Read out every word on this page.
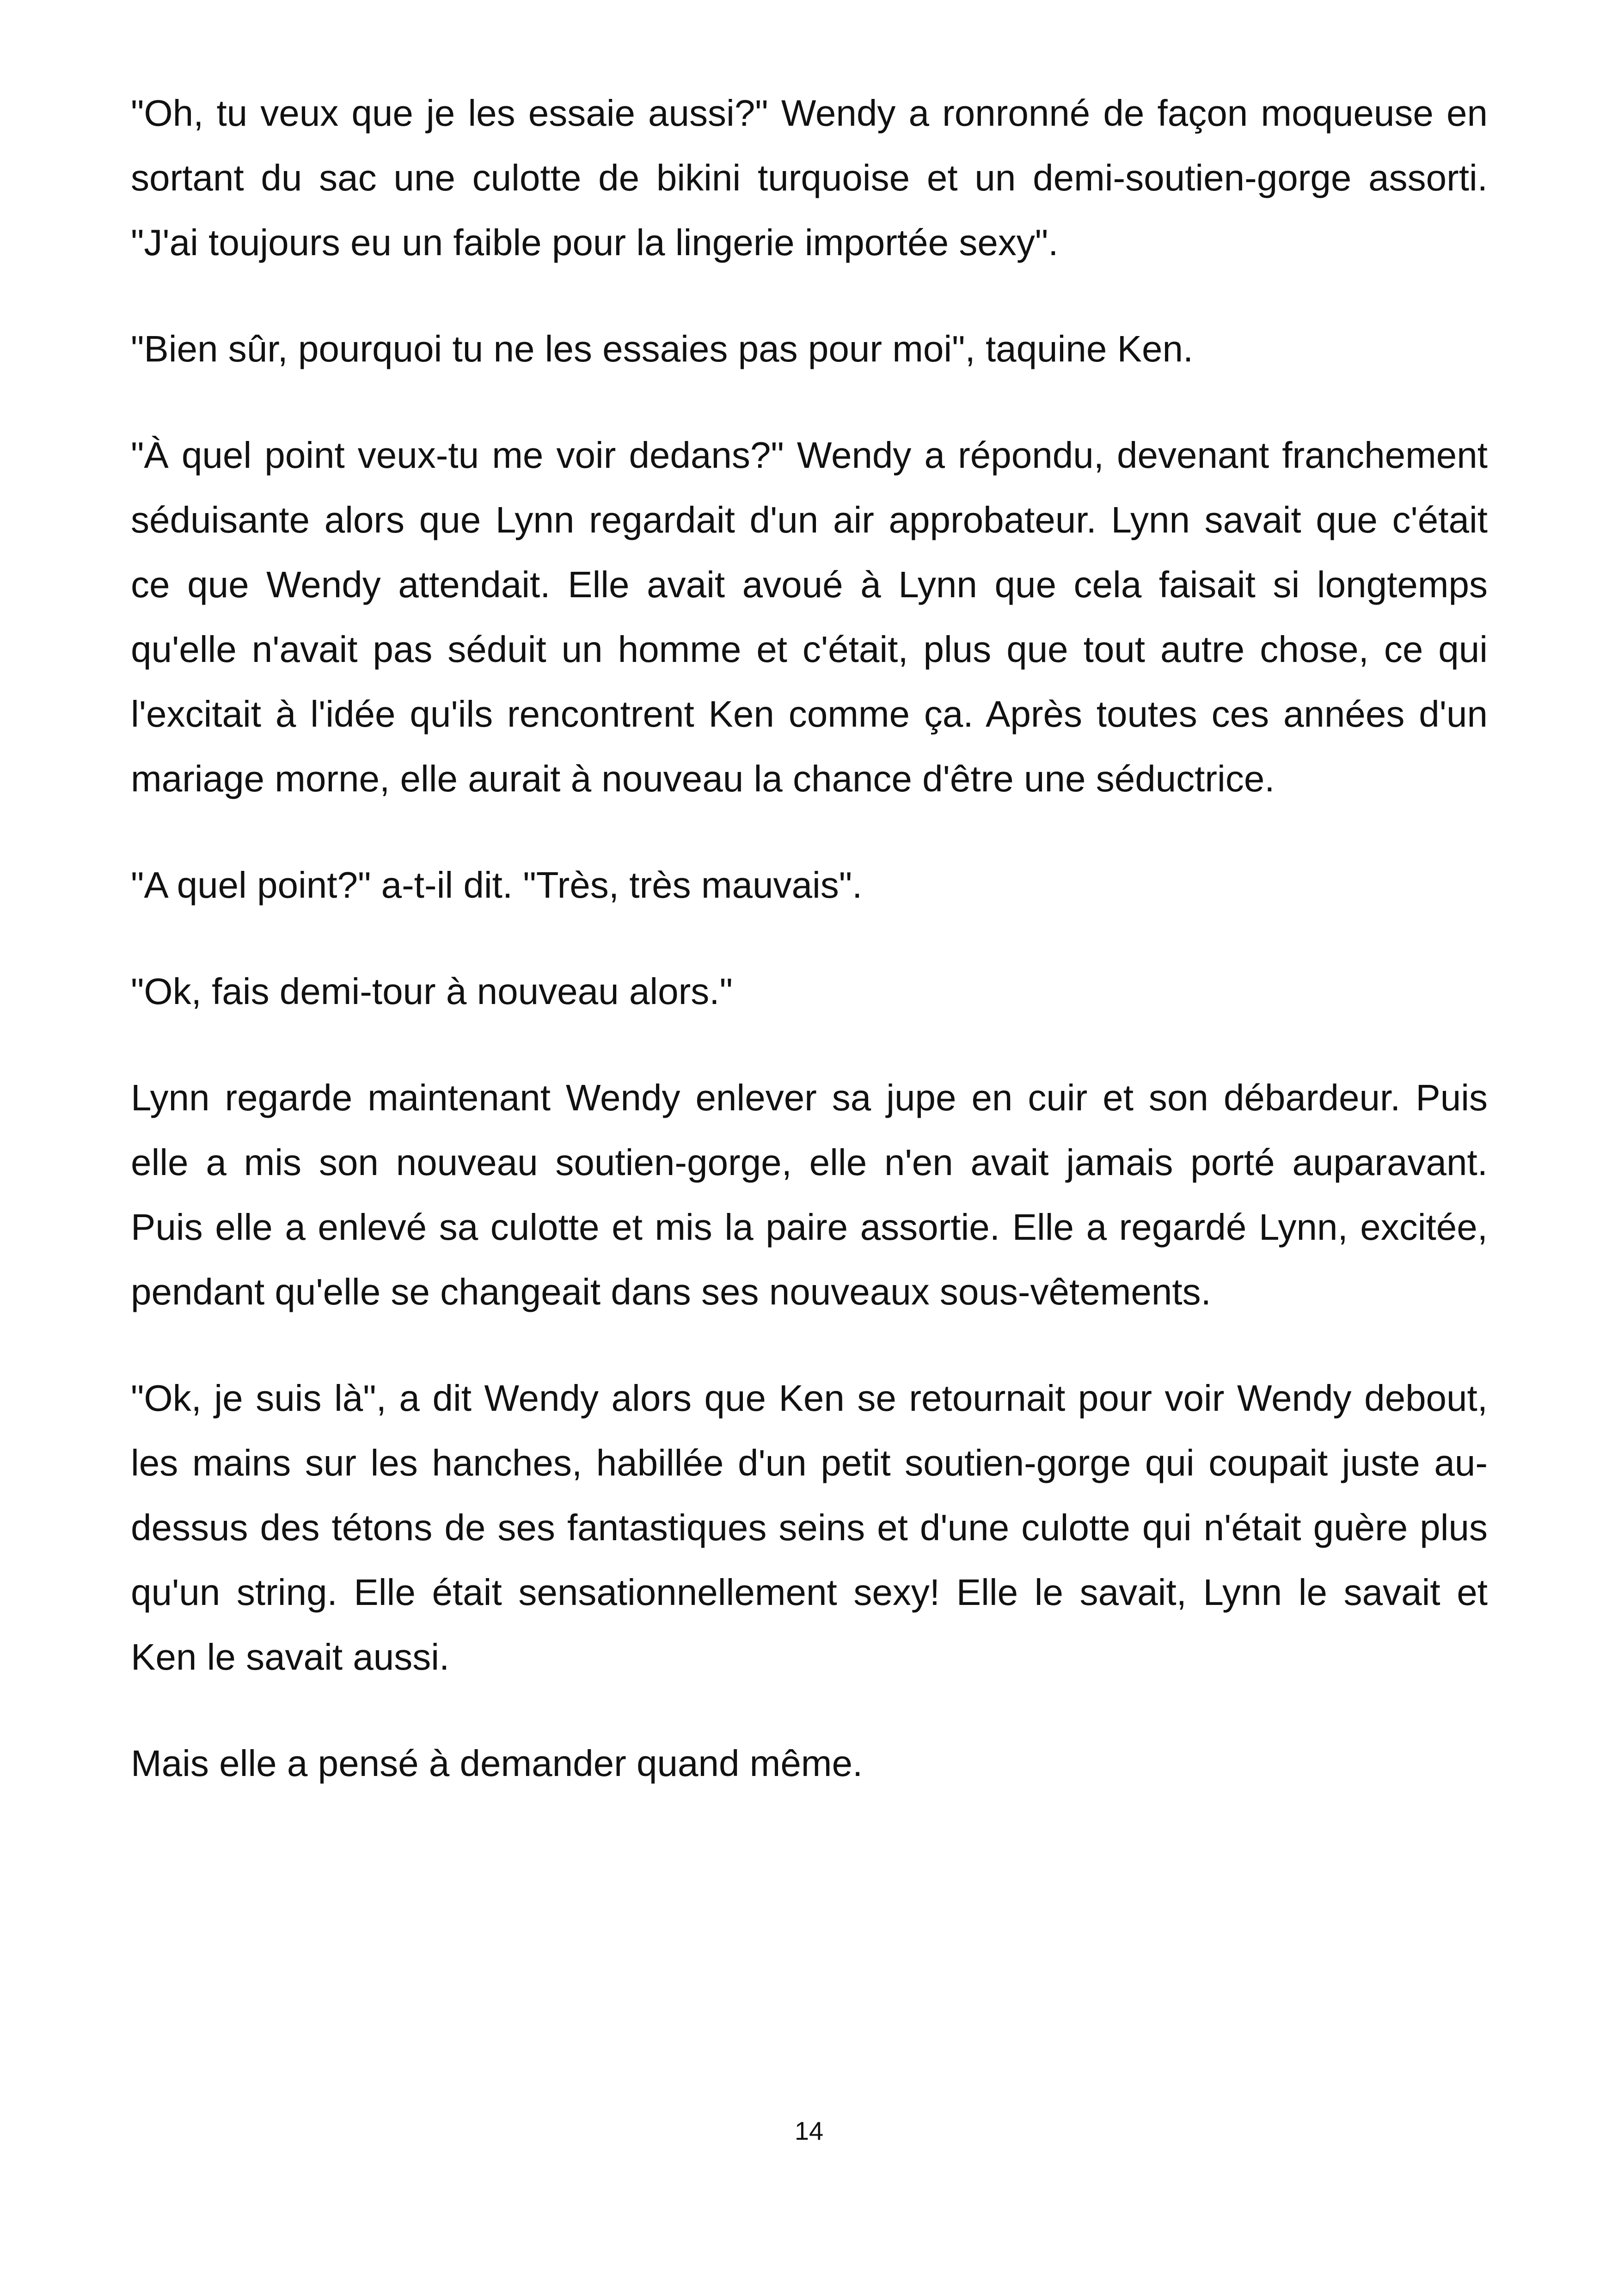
"Oh, tu veux que je les essaie aussi?" Wendy a ronronné de façon moqueuse en sortant du sac une culotte de bikini turquoise et un demi-soutien-gorge assorti. "J'ai toujours eu un faible pour la lingerie importée sexy".

"Bien sûr, pourquoi tu ne les essaies pas pour moi", taquine Ken.

"À quel point veux-tu me voir dedans?" Wendy a répondu, devenant franchement séduisante alors que Lynn regardait d'un air approbateur. Lynn savait que c'était ce que Wendy attendait. Elle avait avoué à Lynn que cela faisait si longtemps qu'elle n'avait pas séduit un homme et c'était, plus que tout autre chose, ce qui l'excitait à l'idée qu'ils rencontrent Ken comme ça. Après toutes ces années d'un mariage morne, elle aurait à nouveau la chance d'être une séductrice.

"A quel point?" a-t-il dit. "Très, très mauvais".

"Ok, fais demi-tour à nouveau alors."

Lynn regarde maintenant Wendy enlever sa jupe en cuir et son débardeur. Puis elle a mis son nouveau soutien-gorge, elle n'en avait jamais porté auparavant. Puis elle a enlevé sa culotte et mis la paire assortie. Elle a regardé Lynn, excitée, pendant qu'elle se changeait dans ses nouveaux sous-vêtements.

"Ok, je suis là", a dit Wendy alors que Ken se retournait pour voir Wendy debout, les mains sur les hanches, habillée d'un petit soutien-gorge qui coupait juste au-dessus des tétons de ses fantastiques seins et d'une culotte qui n'était guère plus qu'un string. Elle était sensationnellement sexy! Elle le savait, Lynn le savait et Ken le savait aussi.

Mais elle a pensé à demander quand même.

14
